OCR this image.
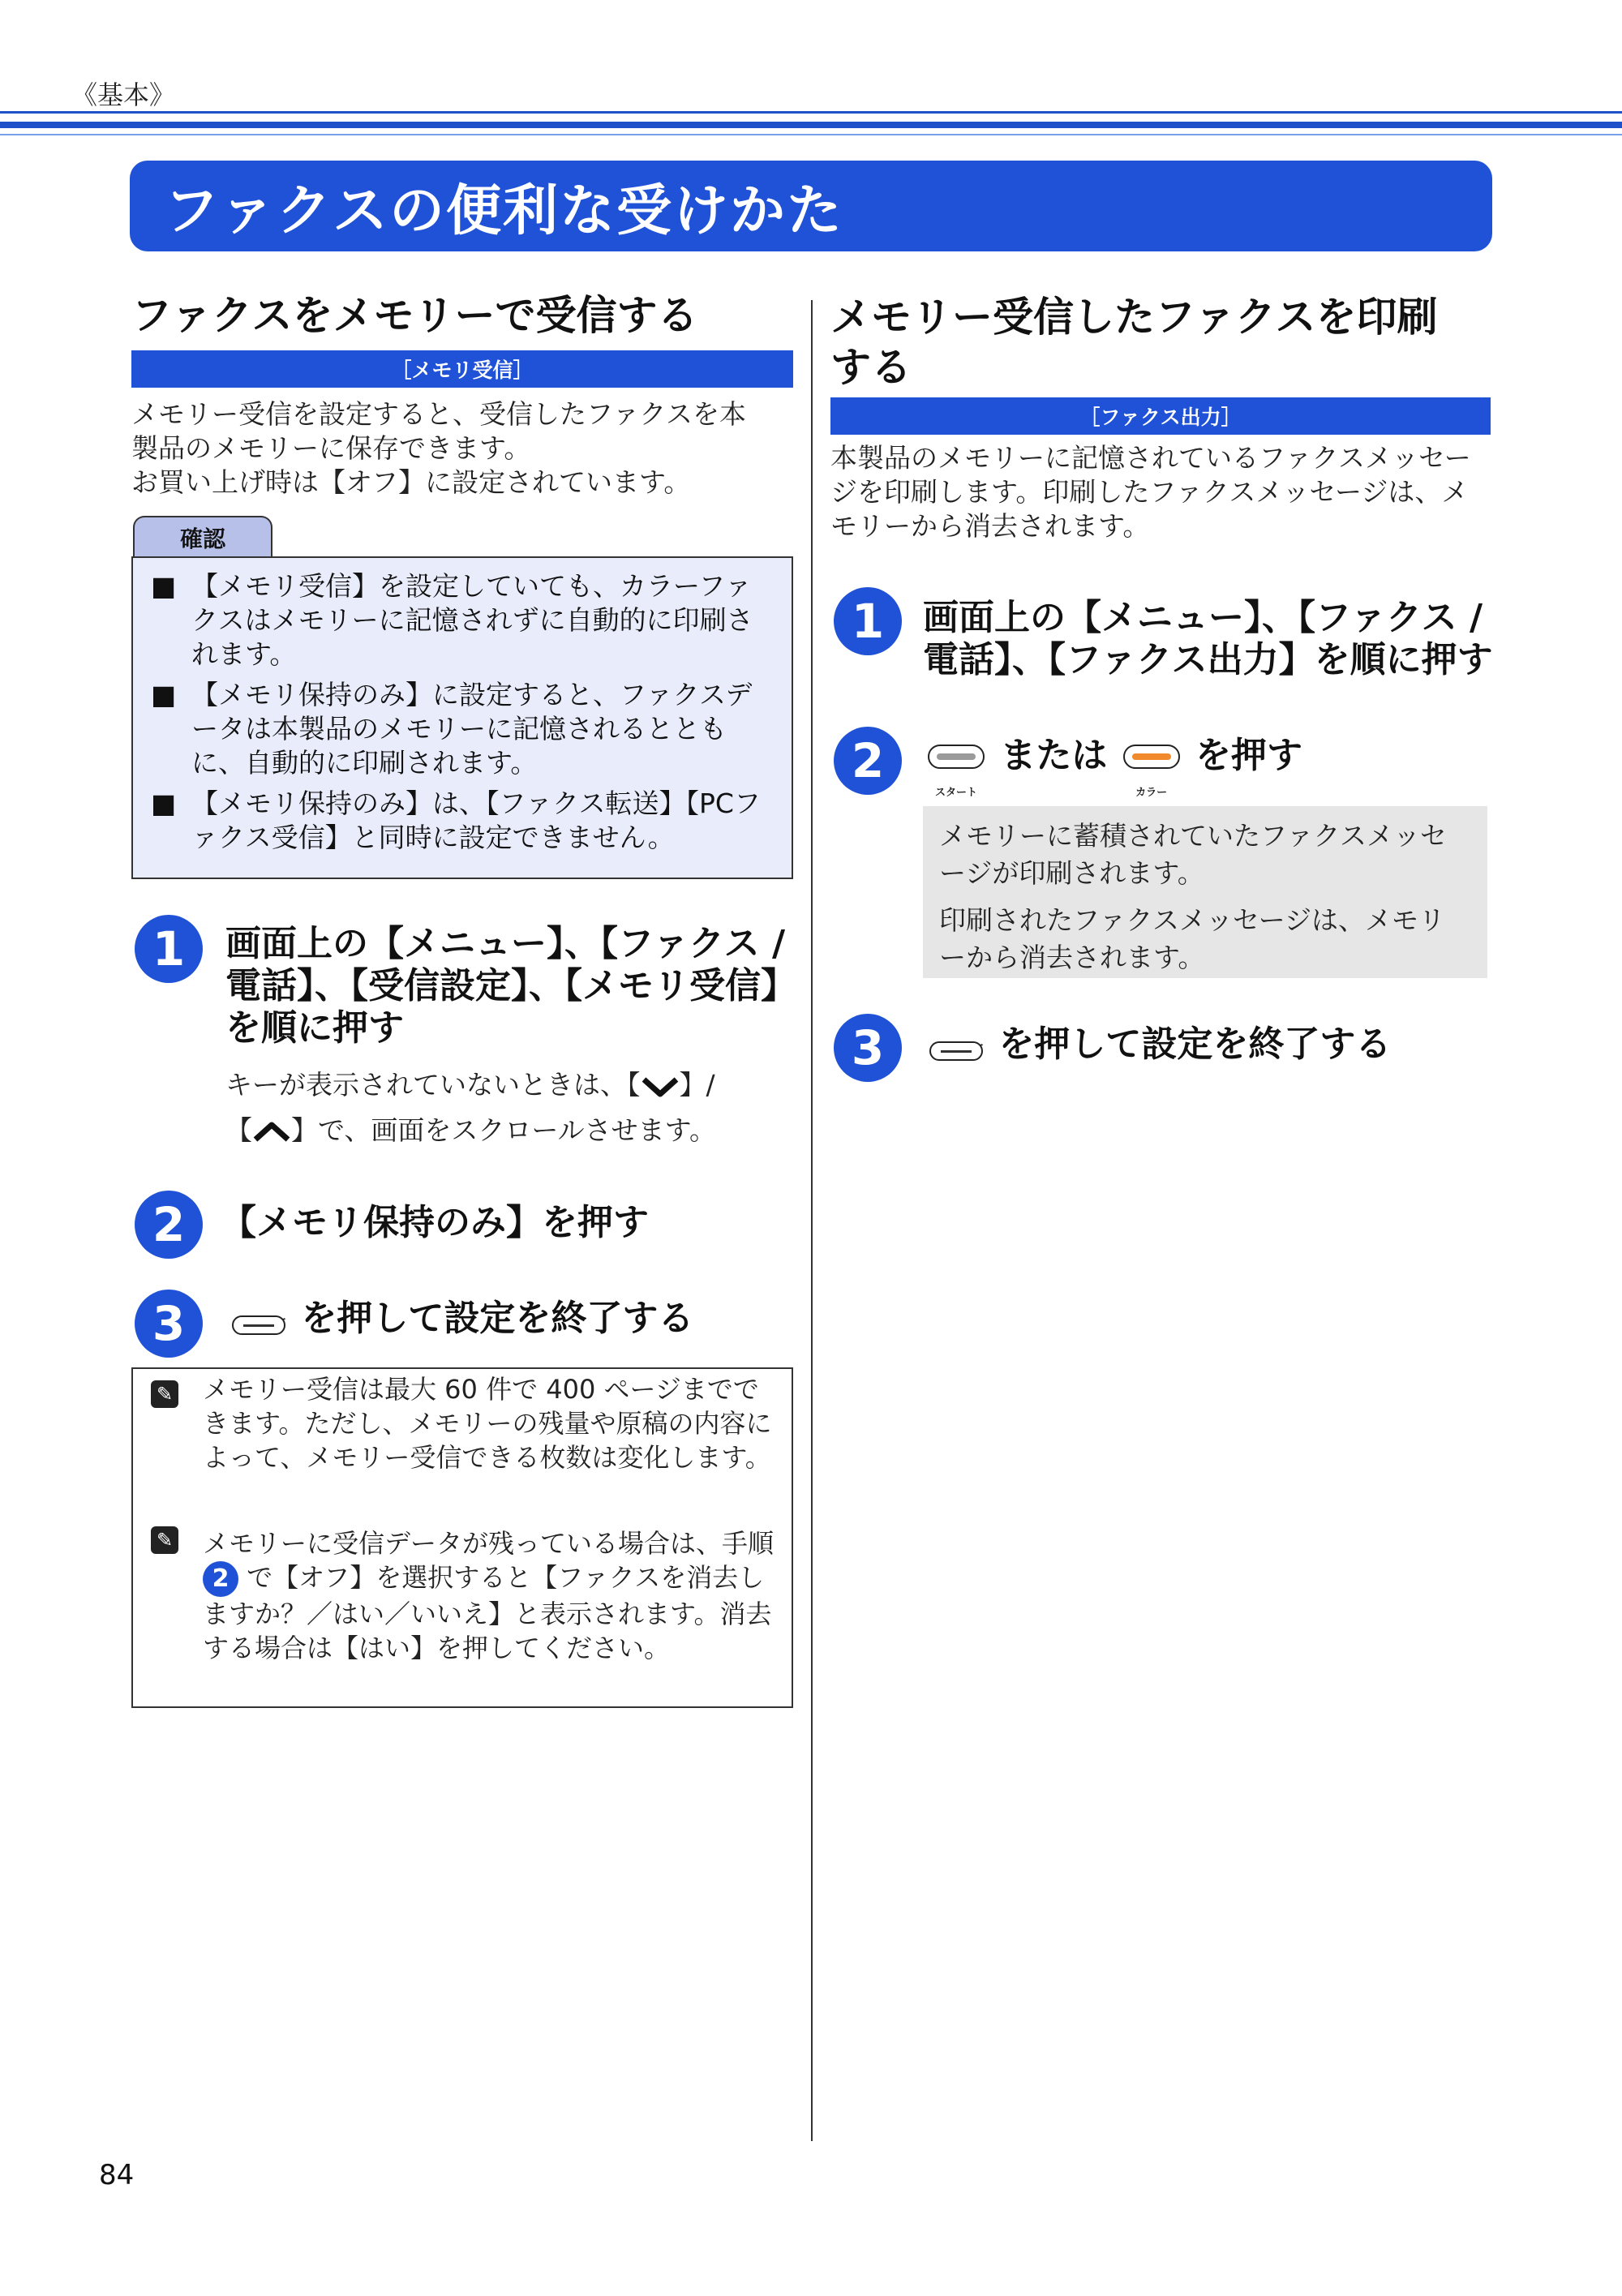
《基本》
ファクスの便利な受けかた
ファクスをメモリーで受信する
［メモリ受信］
メモリー受信を設定すると、受信したファクスを本
製品のメモリーに保存できます。
お買い上げ時は【オフ】に設定されています。
確認
■ 【メモリ受信】を設定していても、カラーファクスはメモリーに記憶されずに自動的に印刷されます。
■ 【メモリ保持のみ】に設定すると、ファクスデータは本製品のメモリーに記憶されるとともに、自動的に印刷されます。
■ 【メモリ保持のみ】は、【ファクス転送】【PCファクス受信】と同時に設定できません。
1	画面上の【メニュー】、【ファクス / 電話】、【受信設定】、【メモリ受信】を順に押す
キーが表示されていないときは、【 】/
【 】で、画面をスクロールさせます。
2 【メモリ保持のみ】を押す
3	を押して設定を終了する
✎ メモリー受信は最大 60 件で 400 ページまでできます。ただし、メモリーの残量や原稿の内容によって、メモリー受信できる枚数は変化します。
✎ メモリーに受信データが残っている場合は、手順 2 で【オフ】を選択すると【ファクスを消去しますか？／はい／いいえ】と表示されます。消去する場合は【はい】を押してください。
メモリー受信したファクスを印刷
する
［ファクス出力］
本製品のメモリーに記憶されているファクスメッセージを印刷します。印刷したファクスメッセージは、メモリーから消去されます。
1	画面上の【メニュー】、【ファクス / 電話】、【ファクス出力】を順に押す
2
スタート
または
カラー
を押す

メモリーに蓄積されていたファクスメッセージが印刷されます。

印刷されたファクスメッセージは、メモリーから消去されます。

3	を押して設定を終了する
84
